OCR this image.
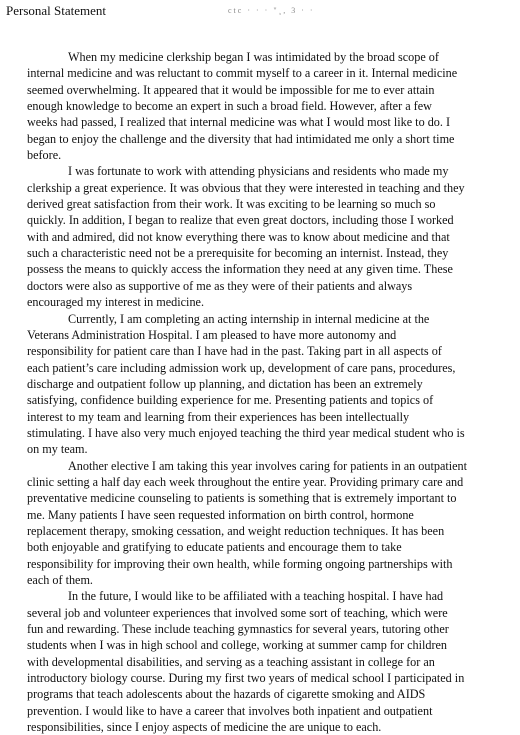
Personal Statement	ctc · · · "¸, 3 · ·
When my medicine clerkship began I was intimidated by the broad scope of
internal medicine and was reluctant to commit myself to a career in it. Internal medicine
seemed overwhelming. It appeared that it would be impossible for me to ever attain
enough knowledge to become an expert in such a broad field. However, after a few
weeks had passed, I realized that internal medicine was what I would most like to do. I
began to enjoy the challenge and the diversity that had intimidated me only a short time
before.
I was fortunate to work with attending physicians and residents who made my
clerkship a great experience. It was obvious that they were interested in teaching and they
derived great satisfaction from their work. It was exciting to be learning so much so
quickly. In addition, I began to realize that even great doctors, including those I worked
with and admired, did not know everything there was to know about medicine and that
such a characteristic need not be a prerequisite for becoming an internist. Instead, they
possess the means to quickly access the information they need at any given time. These
doctors were also as supportive of me as they were of their patients and always
encouraged my interest in medicine.
Currently, I am completing an acting internship in internal medicine at the
Veterans Administration Hospital. I am pleased to have more autonomy and
responsibility for patient care than I have had in the past. Taking part in all aspects of
each patient’s care including admission work up, development of care pans, procedures,
discharge and outpatient follow up planning, and dictation has been an extremely
satisfying, confidence building experience for me. Presenting patients and topics of
interest to my team and learning from their experiences has been intellectually
stimulating. I have also very much enjoyed teaching the third year medical student who is
on my team.
Another elective I am taking this year involves caring for patients in an outpatient
clinic setting a half day each week throughout the entire year. Providing primary care and
preventative medicine counseling to patients is something that is extremely important to
me. Many patients I have seen requested information on birth control, hormone
replacement therapy, smoking cessation, and weight reduction techniques. It has been
both enjoyable and gratifying to educate patients and encourage them to take
responsibility for improving their own health, while forming ongoing partnerships with
each of them.
In the future, I would like to be affiliated with a teaching hospital. I have had
several job and volunteer experiences that involved some sort of teaching, which were
fun and rewarding. These include teaching gymnastics for several years, tutoring other
students when I was in high school and college, working at summer camp for children
with developmental disabilities, and serving as a teaching assistant in college for an
introductory biology course. During my first two years of medical school I participated in
programs that teach adolescents about the hazards of cigarette smoking and AIDS
prevention. I would like to have a career that involves both inpatient and outpatient
responsibilities, since I enjoy aspects of medicine the are unique to each.
